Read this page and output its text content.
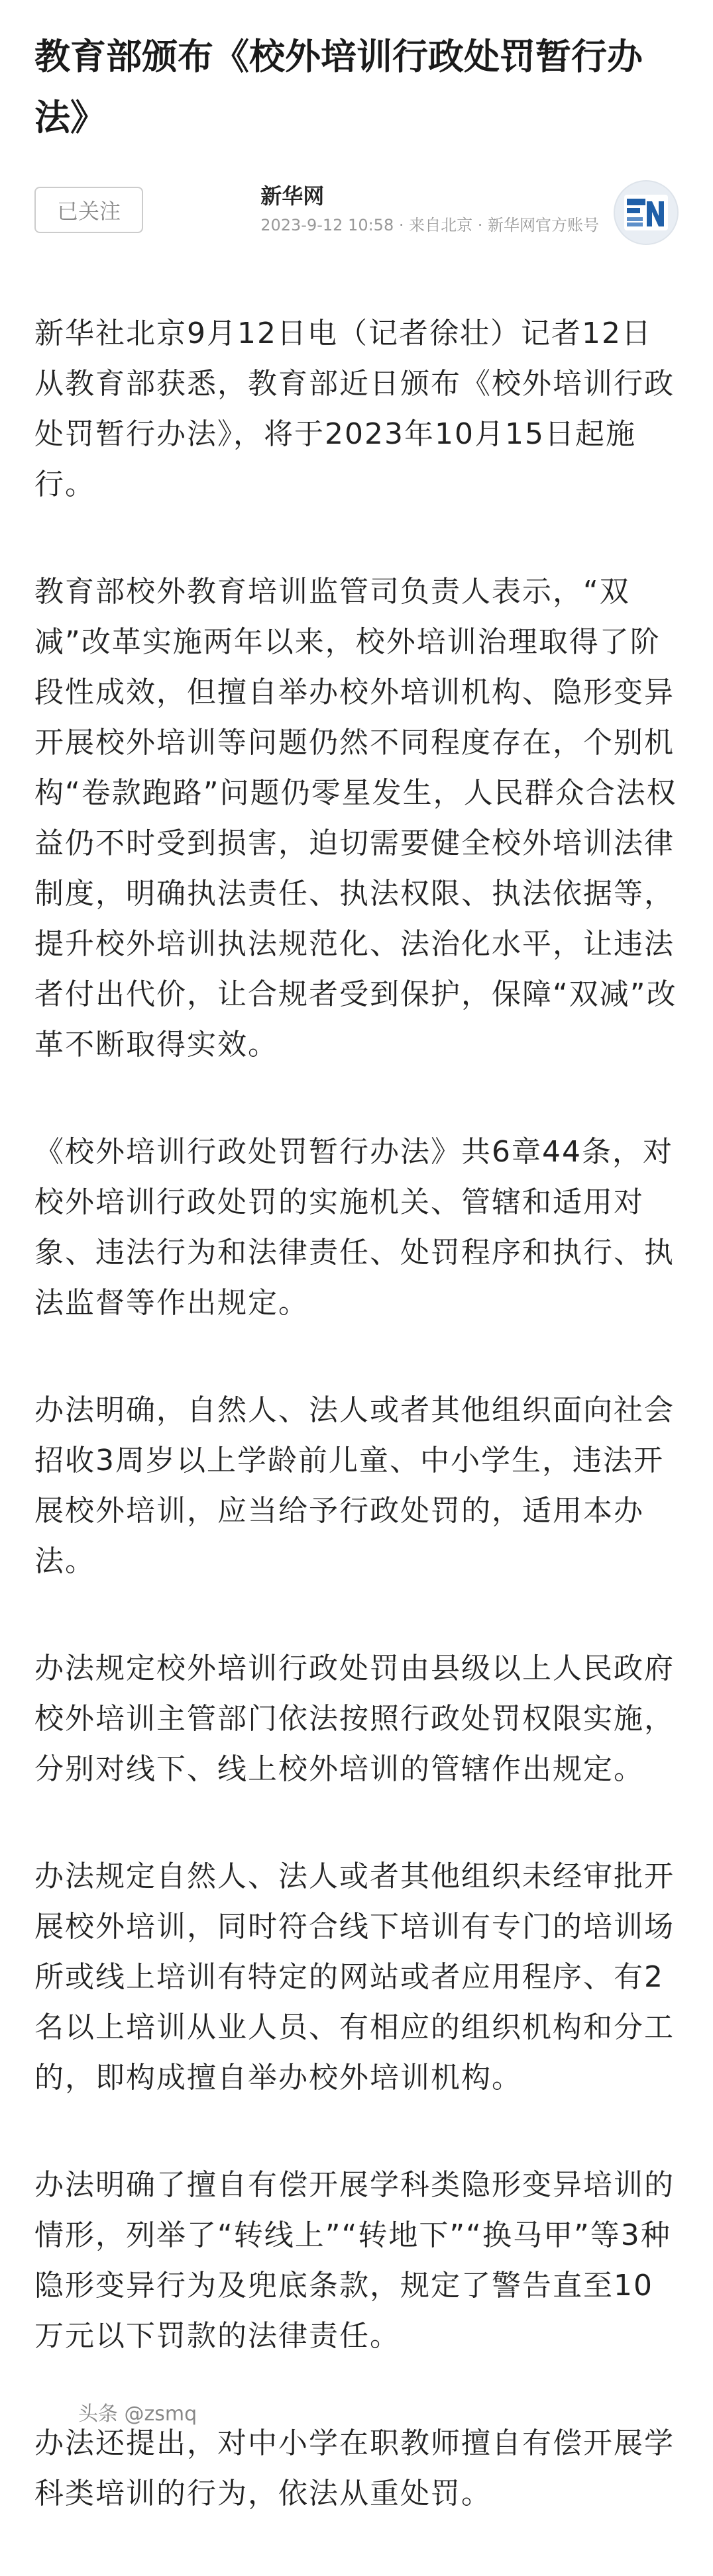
教育部颁布《校外培训行政处罚暂行办法》
已关注
新华网
2023-9-12 10:58 · 来自北京 · 新华网官方账号

新华社北京9月12日电（记者徐壮）记者12日从教育部获悉，教育部近日颁布《校外培训行政处罚暂行办法》，将于2023年10月15日起施行。

教育部校外教育培训监管司负责人表示，“双减”改革实施两年以来，校外培训治理取得了阶段性成效，但擅自举办校外培训机构、隐形变异开展校外培训等问题仍然不同程度存在，个别机构“卷款跑路”问题仍零星发生，人民群众合法权益仍不时受到损害，迫切需要健全校外培训法律制度，明确执法责任、执法权限、执法依据等，提升校外培训执法规范化、法治化水平，让违法者付出代价，让合规者受到保护，保障“双减”改革不断取得实效。

《校外培训行政处罚暂行办法》共6章44条，对校外培训行政处罚的实施机关、管辖和适用对象、违法行为和法律责任、处罚程序和执行、执法监督等作出规定。

办法明确，自然人、法人或者其他组织面向社会招收3周岁以上学龄前儿童、中小学生，违法开展校外培训，应当给予行政处罚的，适用本办法。

办法规定校外培训行政处罚由县级以上人民政府校外培训主管部门依法按照行政处罚权限实施，分别对线下、线上校外培训的管辖作出规定。

办法规定自然人、法人或者其他组织未经审批开展校外培训，同时符合线下培训有专门的培训场所或线上培训有特定的网站或者应用程序、有2名以上培训从业人员、有相应的组织机构和分工的，即构成擅自举办校外培训机构。

办法明确了擅自有偿开展学科类隐形变异培训的情形，列举了“转线上”“转地下”“换马甲”等3种隐形变异行为及兜底条款，规定了警告直至10万元以下罚款的法律责任。

办法还提出，对中小学在职教师擅自有偿开展学科类培训的行为，依法从重处罚。

头条 @zsmq
